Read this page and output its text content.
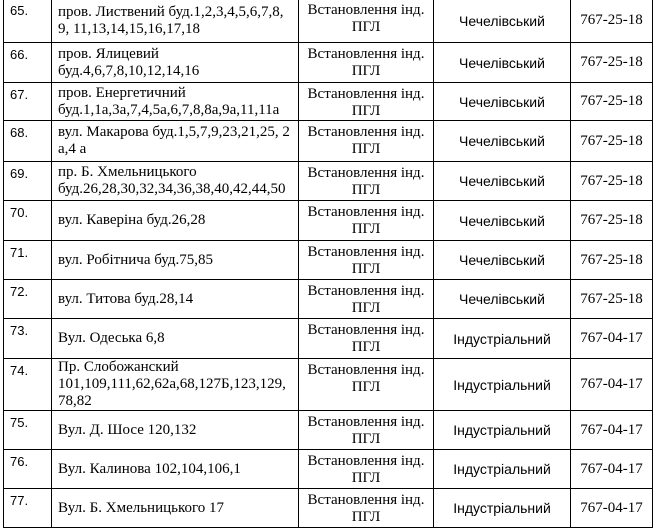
65.	пров. Листвений буд.1,2,3,4,5,6,7,8, 9, 11,13,14,15,16,17,18	Встановлення інд. ПГЛ	Чечелівський	767-25-18
66.	пров. Ялицевий буд.4,6,7,8,10,12,14,16	Встановлення інд. ПГЛ	Чечелівський	767-25-18
67.	пров. Енергетичний буд.1,1а,3а,7,4,5а,6,7,8,8а,9а,11,11а	Встановлення інд. ПГЛ	Чечелівський	767-25-18
68.	вул. Макарова буд.1,5,7,9,23,21,25, 2 а,4 а	Встановлення інд. ПГЛ	Чечелівський	767-25-18
69.	пр. Б. Хмельницького буд.26,28,30,32,34,36,38,40,42,44,50	Встановлення інд. ПГЛ	Чечелівський	767-25-18
70.	вул. Каверіна буд.26,28	Встановлення інд. ПГЛ	Чечелівський	767-25-18
71.	вул. Робітнича буд.75,85	Встановлення інд. ПГЛ	Чечелівський	767-25-18
72.	вул. Титова буд.28,14	Встановлення інд. ПГЛ	Чечелівський	767-25-18
73.	Вул. Одеська 6,8	Встановлення інд. ПГЛ	Індустріальний	767-04-17
74.	Пр. Слобожанский 101,109,111,62,62а,68,127Б,123,129, 78,82	Встановлення інд. ПГЛ	Індустріальний	767-04-17
75.	Вул. Д. Шосе 120,132	Встановлення інд. ПГЛ	Індустріальний	767-04-17
76.	Вул. Калинова 102,104,106,1	Встановлення інд. ПГЛ	Індустріальний	767-04-17
77.	Вул. Б. Хмельницького 17	Встановлення інд. ПГЛ	Індустріальний	767-04-17
